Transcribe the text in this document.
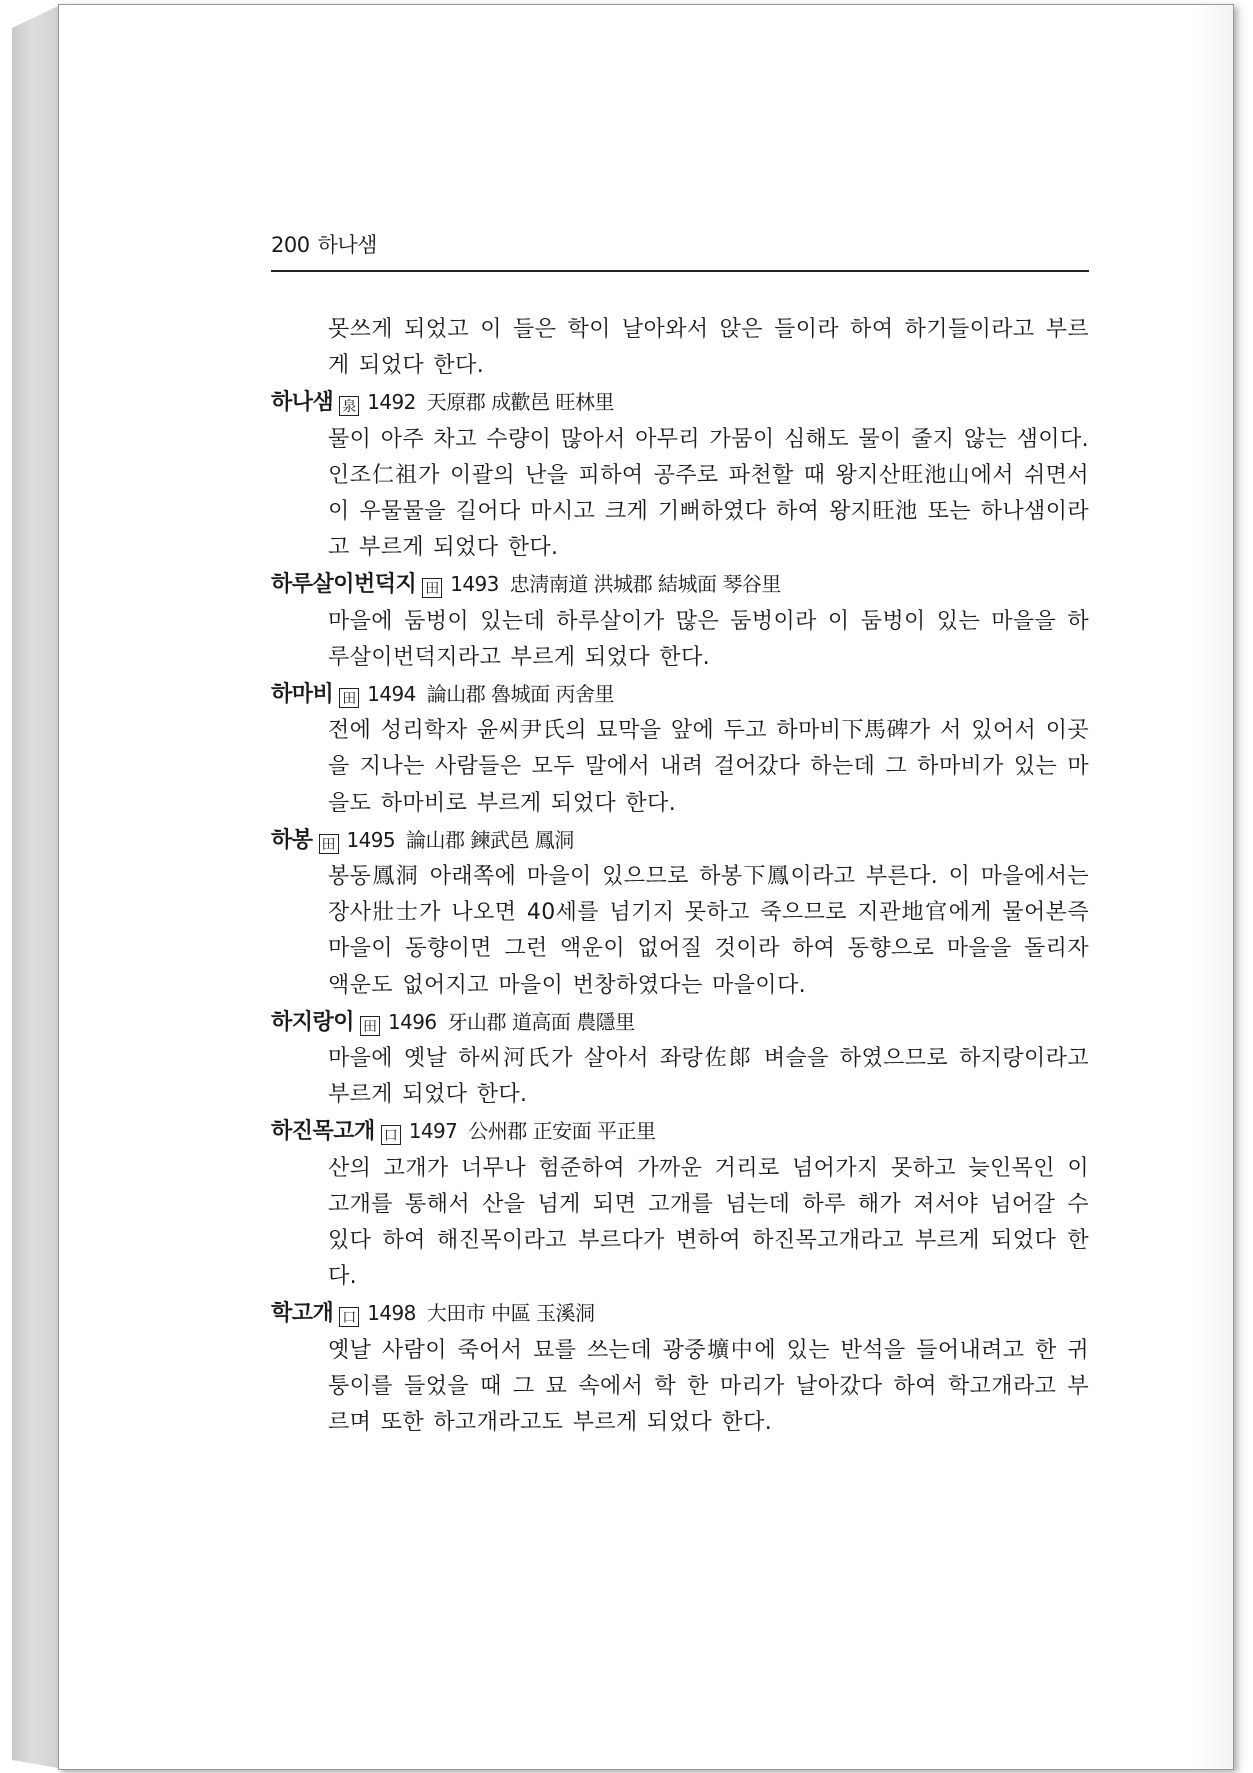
200 하나샘

못쓰게 되었고 이 들은 학이 날아와서 앉은 들이라 하여 하기들이라고 부르게 되었다 한다.

하나샘 泉 1492 天原郡 成歡邑 旺林里

물이 아주 차고 수량이 많아서 아무리 가뭄이 심해도 물이 줄지 않는 샘이다. 인조仁祖가 이괄의 난을 피하여 공주로 파천할 때 왕지산旺池山에서 쉬면서 이 우물물을 길어다 마시고 크게 기뻐하였다 하여 왕지旺池 또는 하나샘이라고 부르게 되었다 한다.

하루살이번덕지 田 1493 忠淸南道 洪城郡 結城面 琴谷里

마을에 둠벙이 있는데 하루살이가 많은 둠벙이라 이 둠벙이 있는 마을을 하루살이번덕지라고 부르게 되었다 한다.

하마비 田 1494 論山郡 魯城面 丙舍里

전에 성리학자 윤씨尹氏의 묘막을 앞에 두고 하마비下馬碑가 서 있어서 이곳을 지나는 사람들은 모두 말에서 내려 걸어갔다 하는데 그 하마비가 있는 마을도 하마비로 부르게 되었다 한다.

하봉 田 1495 論山郡 鍊武邑 鳳洞

봉동鳳洞 아래쪽에 마을이 있으므로 하봉下鳳이라고 부른다. 이 마을에서는 장사壯士가 나오면 40세를 넘기지 못하고 죽으므로 지관地官에게 물어본즉 마을이 동향이면 그런 액운이 없어질 것이라 하여 동향으로 마을을 돌리자 액운도 없어지고 마을이 번창하였다는 마을이다.

하지랑이 田 1496 牙山郡 道高面 農隱里

마을에 옛날 하씨河氏가 살아서 좌랑佐郞 벼슬을 하였으므로 하지랑이라고 부르게 되었다 한다.

하진목고개 口 1497 公州郡 正安面 平正里

산의 고개가 너무나 험준하여 가까운 거리로 넘어가지 못하고 늦인목인 이 고개를 통해서 산을 넘게 되면 고개를 넘는데 하루 해가 져서야 넘어갈 수 있다 하여 해진목이라고 부르다가 변하여 하진목고개라고 부르게 되었다 한다.

학고개 口 1498 大田市 中區 玉溪洞

옛날 사람이 죽어서 묘를 쓰는데 광중壙中에 있는 반석을 들어내려고 한 귀퉁이를 들었을 때 그 묘 속에서 학 한 마리가 날아갔다 하여 학고개라고 부르며 또한 하고개라고도 부르게 되었다 한다.
